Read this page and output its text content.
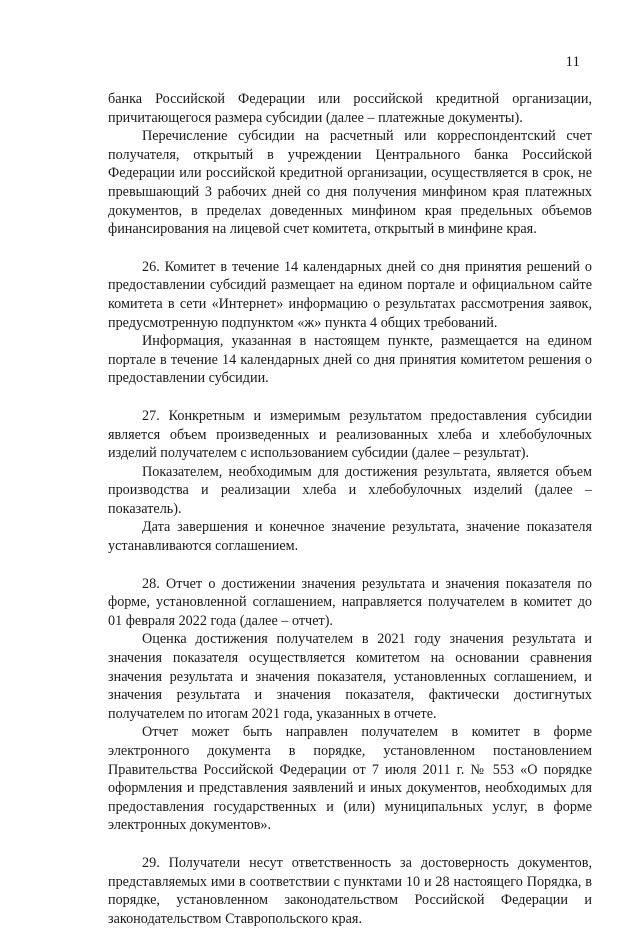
11

банка Российской Федерации или российской кредитной организации, причитающегося размера субсидии (далее – платежные документы).

Перечисление субсидии на расчетный или корреспондентский счет получателя, открытый в учреждении Центрального банка Российской Федерации или российской кредитной организации, осуществляется в срок, не превышающий 3 рабочих дней со дня получения минфином края платежных документов, в пределах доведенных минфином края предельных объемов финансирования на лицевой счет комитета, открытый в минфине края.

26. Комитет в течение 14 календарных дней со дня принятия решений о предоставлении субсидий размещает на едином портале и официальном сайте комитета в сети «Интернет» информацию о результатах рассмотрения заявок, предусмотренную подпунктом «ж» пункта 4 общих требований.

Информация, указанная в настоящем пункте, размещается на едином портале в течение 14 календарных дней со дня принятия комитетом решения о предоставлении субсидии.

27. Конкретным и измеримым результатом предоставления субсидии является объем произведенных и реализованных хлеба и хлебобулочных изделий получателем с использованием субсидии (далее – результат).

Показателем, необходимым для достижения результата, является объем производства и реализации хлеба и хлебобулочных изделий (далее – показатель).

Дата завершения и конечное значение результата, значение показателя устанавливаются соглашением.

28. Отчет о достижении значения результата и значения показателя по форме, установленной соглашением, направляется получателем в комитет до 01 февраля 2022 года (далее – отчет).

Оценка достижения получателем в 2021 году значения результата и значения показателя осуществляется комитетом на основании сравнения значения результата и значения показателя, установленных соглашением, и значения результата и значения показателя, фактически достигнутых получателем по итогам 2021 года, указанных в отчете.

Отчет может быть направлен получателем в комитет в форме электронного документа в порядке, установленном постановлением Правительства Российской Федерации от 7 июля 2011 г. № 553 «О порядке оформления и представления заявлений и иных документов, необходимых для предоставления государственных и (или) муниципальных услуг, в форме электронных документов».

29. Получатели несут ответственность за достоверность документов, представляемых ими в соответствии с пунктами 10 и 28 настоящего Порядка, в порядке, установленном законодательством Российской Федерации и законодательством Ставропольского края.
